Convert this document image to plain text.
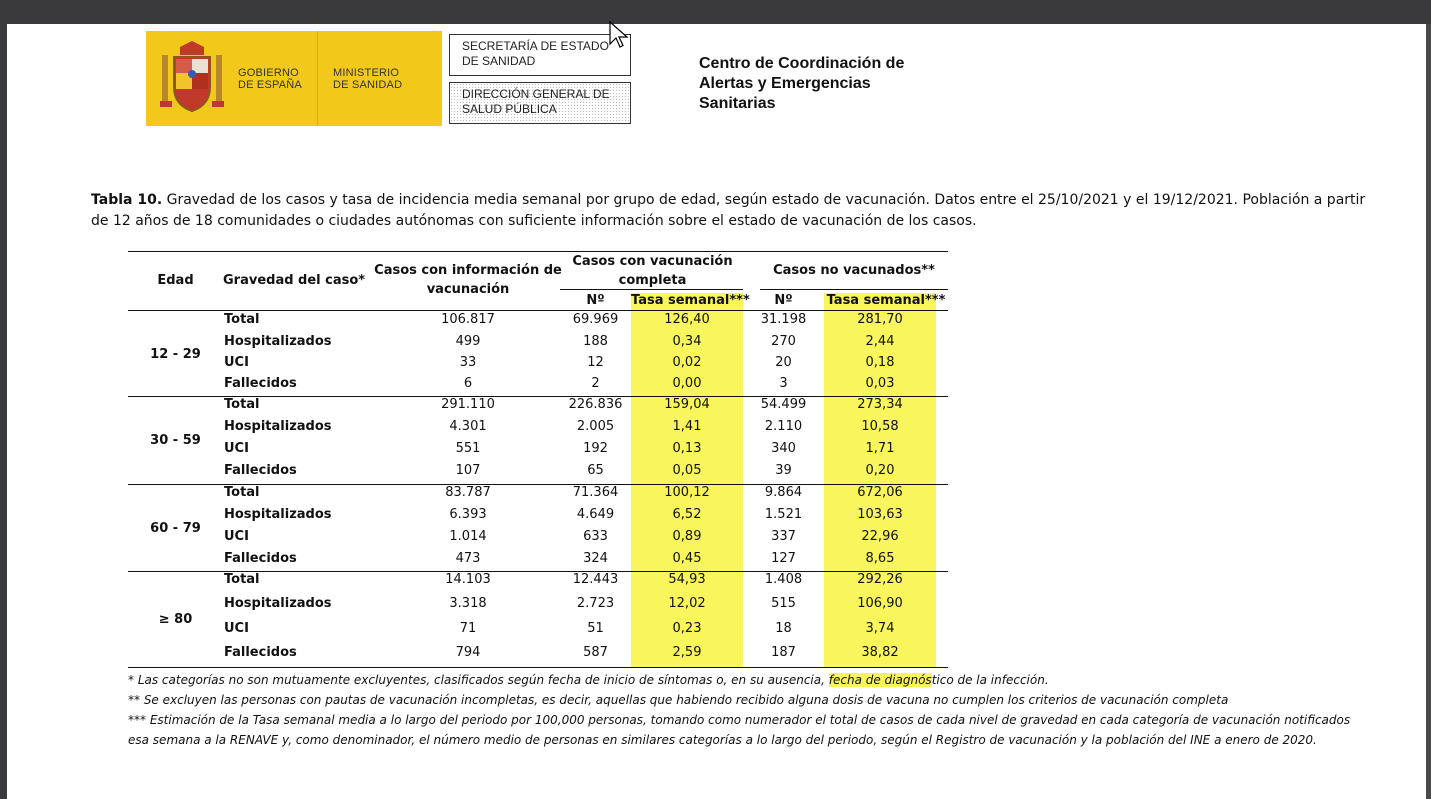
GOBIERNO
DE ESPAÑA
MINISTERIO
DE SANIDAD
SECRETARÍA DE ESTADO
DE SANIDAD
DIRECCIÓN GENERAL DE
SALUD PÚBLICA
Centro de Coordinación de
Alertas y Emergencias
Sanitarias
Tabla 10. Gravedad de los casos y tasa de incidencia media semanal por grupo de edad, según estado de vacunación. Datos entre el 25/10/2021 y el 19/12/2021. Población a partir de 12 años de 18 comunidades o ciudades autónomas con suficiente información sobre el estado de vacunación de los casos.
Edad	Gravedad del caso*
Casos con información de
vacunación
Casos con vacunación
completa
Casos no vacunados**
Nº	Tasa semanal***	Nº	Tasa semanal***
12 - 29
Total	106.817	69.969	126,40	31.198	281,70
Hospitalizados	499	188	0,34	270	2,44
UCI	33	12	0,02	20	0,18
Fallecidos	6	2	0,00	3	0,03
30 - 59
Total	291.110	226.836	159,04	54.499	273,34
Hospitalizados	4.301	2.005	1,41	2.110	10,58
UCI	551	192	0,13	340	1,71
Fallecidos	107	65	0,05	39	0,20
60 - 79
Total	83.787	71.364	100,12	9.864	672,06
Hospitalizados	6.393	4.649	6,52	1.521	103,63
UCI	1.014	633	0,89	337	22,96
Fallecidos	473	324	0,45	127	8,65
≥ 80
Total	14.103	12.443	54,93	1.408	292,26
Hospitalizados	3.318	2.723	12,02	515	106,90
UCI	71	51	0,23	18	3,74
Fallecidos	794	587	2,59	187	38,82
* Las categorías no son mutuamente excluyentes, clasificados según fecha de inicio de síntomas o, en su ausencia, fecha de diagnóstico de la infección.
** Se excluyen las personas con pautas de vacunación incompletas, es decir, aquellas que habiendo recibido alguna dosis de vacuna no cumplen los criterios de vacunación completa
*** Estimación de la Tasa semanal media a lo largo del periodo por 100,000 personas, tomando como numerador el total de casos de cada nivel de gravedad en cada categoría de vacunación notificados
esa semana a la RENAVE y, como denominador, el número medio de personas en similares categorías a lo largo del periodo, según el Registro de vacunación y la población del INE a enero de 2020.
